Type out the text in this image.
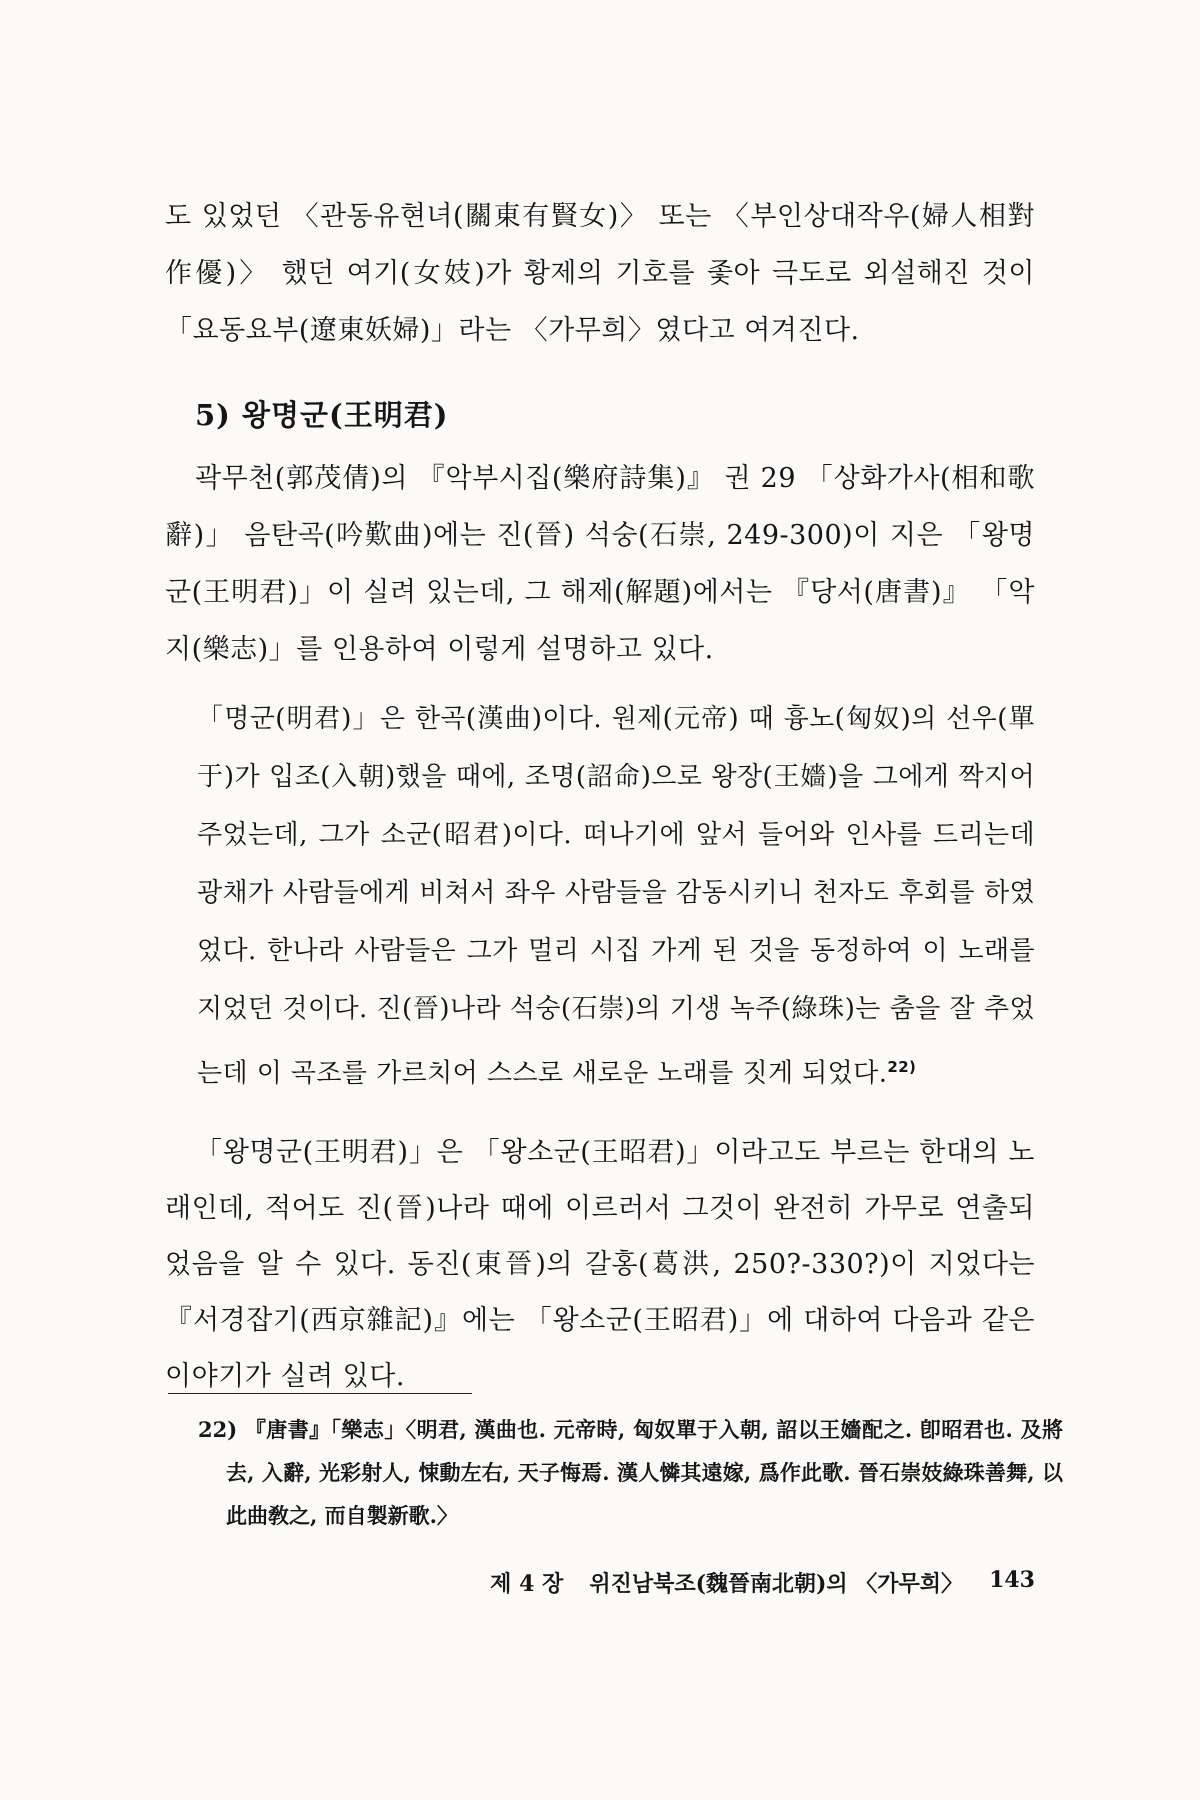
도 있었던 〈관동유현녀(關東有賢女)〉 또는 〈부인상대작우(婦人相對作優)〉 했던 여기(女妓)가 황제의 기호를 좇아 극도로 외설해진 것이 「요동요부(遼東妖婦)」라는 〈가무희〉였다고 여겨진다.

5) 왕명군(王明君)

곽무천(郭茂倩)의 『악부시집(樂府詩集)』 권 29 「상화가사(相和歌辭)」 음탄곡(吟歎曲)에는 진(晉) 석숭(石崇, 249-300)이 지은 「왕명군(王明君)」이 실려 있는데, 그 해제(解題)에서는 『당서(唐書)』 「악지(樂志)」를 인용하여 이렇게 설명하고 있다.

「명군(明君)」은 한곡(漢曲)이다. 원제(元帝) 때 흉노(匈奴)의 선우(單于)가 입조(入朝)했을 때에, 조명(詔命)으로 왕장(王嬙)을 그에게 짝지어 주었는데, 그가 소군(昭君)이다. 떠나기에 앞서 들어와 인사를 드리는데 광채가 사람들에게 비쳐서 좌우 사람들을 감동시키니 천자도 후회를 하였었다. 한나라 사람들은 그가 멀리 시집 가게 된 것을 동정하여 이 노래를 지었던 것이다. 진(晉)나라 석숭(石崇)의 기생 녹주(綠珠)는 춤을 잘 추었는데 이 곡조를 가르치어 스스로 새로운 노래를 짓게 되었다.$^{22)}$

「왕명군(王明君)」은 「왕소군(王昭君)」이라고도 부르는 한대의 노래인데, 적어도 진(晉)나라 때에 이르러서 그것이 완전히 가무로 연출되었음을 알 수 있다. 동진(東晉)의 갈홍(葛洪, 250?-330?)이 지었다는 『서경잡기(西京雜記)』에는 「왕소군(王昭君)」에 대하여 다음과 같은 이야기가 실려 있다.

22) 『唐書』「樂志」〈明君, 漢曲也. 元帝時, 匈奴單于入朝, 詔以王嬙配之. 卽昭君也. 及將去, 入辭, 光彩射人, 悚動左右, 天子悔焉. 漢人憐其遠嫁, 爲作此歌. 晉石崇妓綠珠善舞, 以此曲敎之, 而自製新歌.〉

제 4 장 위진남북조(魏晉南北朝)의 〈가무희〉 143
